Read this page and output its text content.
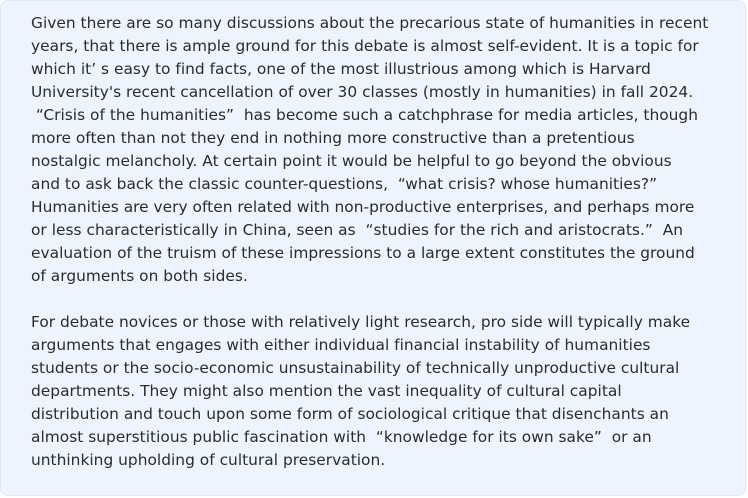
Given there are so many discussions about the precarious state of humanities in recent
years, that there is ample ground for this debate is almost self-evident. It is a topic for
which it’ s easy to find facts, one of the most illustrious among which is Harvard
University's recent cancellation of over 30 classes (mostly in humanities) in fall 2024.
“Crisis of the humanities”  has become such a catchphrase for media articles, though
more often than not they end in nothing more constructive than a pretentious
nostalgic melancholy. At certain point it would be helpful to go beyond the obvious
and to ask back the classic counter-questions,  “what crisis? whose humanities?”
Humanities are very often related with non-productive enterprises, and perhaps more
or less characteristically in China, seen as  “studies for the rich and aristocrats.”  An
evaluation of the truism of these impressions to a large extent constitutes the ground
of arguments on both sides.

For debate novices or those with relatively light research, pro side will typically make
arguments that engages with either individual financial instability of humanities
students or the socio-economic unsustainability of technically unproductive cultural
departments. They might also mention the vast inequality of cultural capital
distribution and touch upon some form of sociological critique that disenchants an
almost superstitious public fascination with  “knowledge for its own sake”  or an
unthinking upholding of cultural preservation.
